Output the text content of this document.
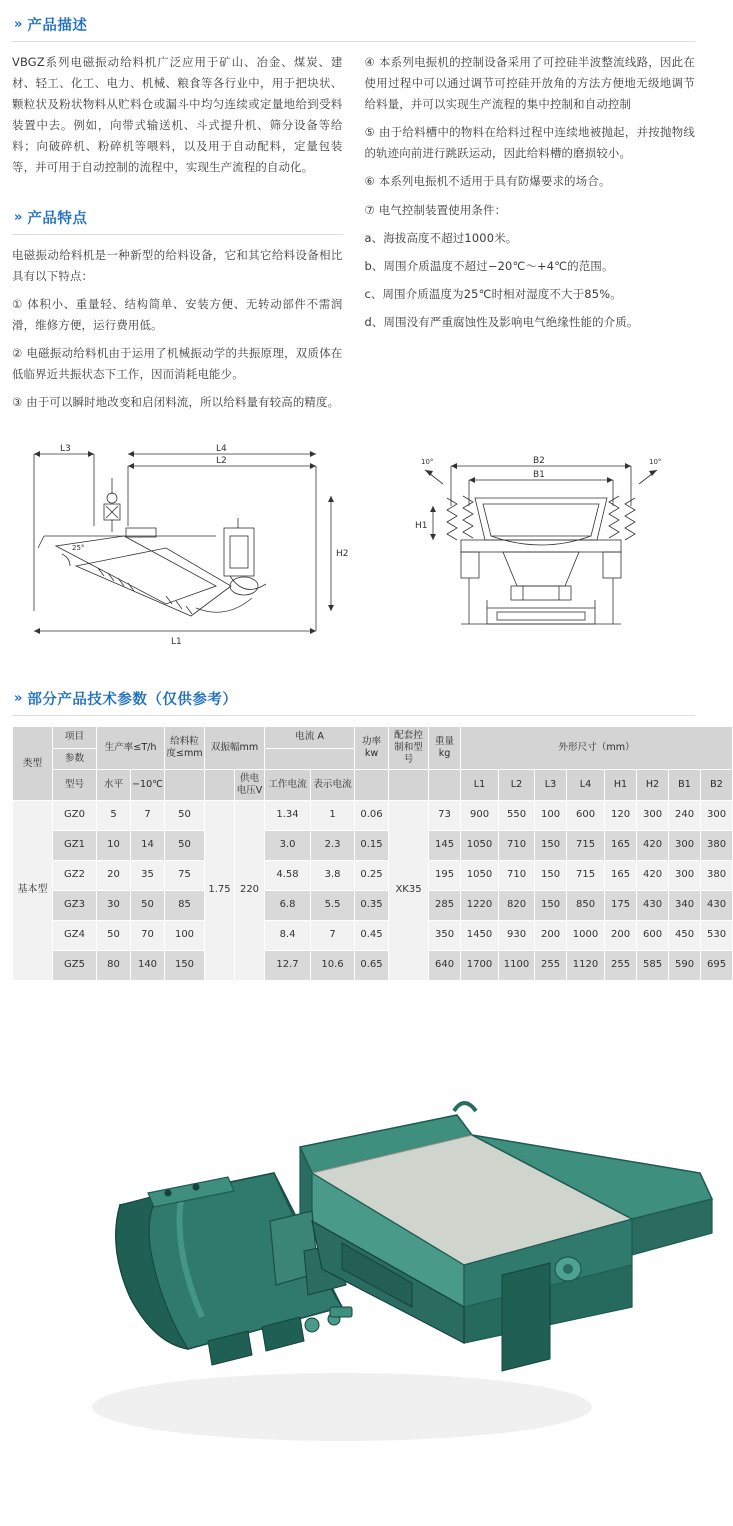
» 产品描述

VBGZ系列电磁振动给料机广泛应用于矿山、冶金、煤炭、建材、轻工、化工、电力、机械、粮食等各行业中，用于把块状、颗粒状及粉状物料从贮料仓或漏斗中均匀连续或定量地给到受料装置中去。例如，向带式输送机、斗式提升机、筛分设备等给料；向破碎机、粉碎机等喂料，以及用于自动配料，定量包装等，并可用于自动控制的流程中，实现生产流程的自动化。

» 产品特点

电磁振动给料机是一种新型的给料设备，它和其它给料设备相比具有以下特点：

① 体积小、重量轻、结构简单、安装方便、无转动部件不需润滑，维修方便，运行费用低。

② 电磁振动给料机由于运用了机械振动学的共振原理，双质体在低临界近共振状态下工作，因而消耗电能少。

③ 由于可以瞬时地改变和启闭料流，所以给料量有较高的精度。

④ 本系列电振机的控制设备采用了可控硅半波整流线路，因此在使用过程中可以通过调节可控硅开放角的方法方便地无级地调节给料量，并可以实现生产流程的集中控制和自动控制

⑤ 由于给料槽中的物料在给料过程中连续地被抛起，并按抛物线的轨迹向前进行跳跃运动，因此给料槽的磨损较小。

⑥ 本系列电振机不适用于具有防爆要求的场合。

⑦ 电气控制装置使用条件：

a、海拔高度不超过1000米。

b、周围介质温度不超过−20℃～+4℃的范围。

c、周围介质温度为25℃时相对湿度不大于85%。

d、周围没有严重腐蚀性及影响电气绝缘性能的介质。

L3	L4
L2
L1
H2
25°
B2
B1
H1
10°	10°
» 部分产品技术参数（仅供参考）
类型	项目	生产率≤T/h		给料粒度≤mm	双振幅mm		电流 A		功率kw	配套控制和型号	重量kg	外形尺寸（mm）							
	参数																		
	型号	水平	−10℃			供电电压V	工作电流	表示电流				L1	L2	L3	L4	H1	H2	B1	B2
基本型	GZ0	5	7	50	1.75	220	1.34	1	0.06	XK35	73	900	550	100	600	120	300	240	300
	GZ1	10	14	50			3.0	2.3	0.15		145	1050	710	150	715	165	420	300	380
	GZ2	20	35	75			4.58	3.8	0.25		195	1050	710	150	715	165	420	300	380
	GZ3	30	50	85			6.8	5.5	0.35		285	1220	820	150	850	175	430	340	430
	GZ4	50	70	100			8.4	7	0.45		350	1450	930	200	1000	200	600	450	530
	GZ5	80	140	150			12.7	10.6	0.65		640	1700	1100	255	1120	255	585	590	695
